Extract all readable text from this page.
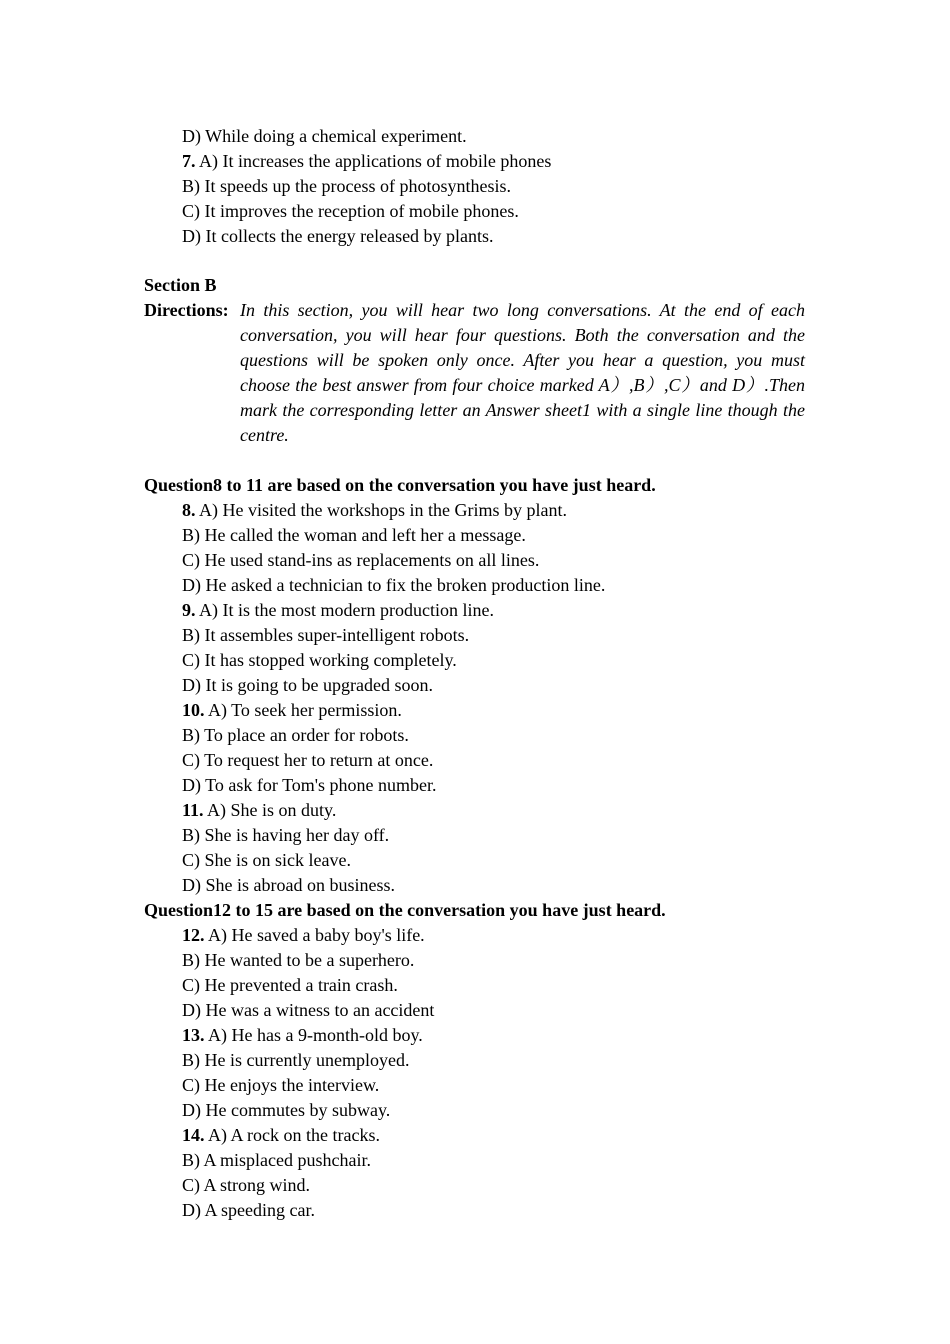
D) While doing a chemical experiment.
7. A) It increases the applications of mobile phones
B) It speeds up the process of photosynthesis.
C) It improves the reception of mobile phones.
D) It collects the energy released by plants.
Section B
Directions: In this section, you will hear two long conversations. At the end of each conversation, you will hear four questions. Both the conversation and the questions will be spoken only once. After you hear a question, you must choose the best answer from four choice marked A）,B）,C）and D）.Then mark the corresponding letter an Answer sheet1 with a single line though the centre.
Question8 to 11 are based on the conversation you have just heard.
8. A) He visited the workshops in the Grims by plant.
B) He called the woman and left her a message.
C) He used stand-ins as replacements on all lines.
D) He asked a technician to fix the broken production line.
9. A) It is the most modern production line.
B) It assembles super-intelligent robots.
C) It has stopped working completely.
D) It is going to be upgraded soon.
10. A) To seek her permission.
B) To place an order for robots.
C) To request her to return at once.
D) To ask for Tom's phone number.
11. A) She is on duty.
B) She is having her day off.
C) She is on sick leave.
D) She is abroad on business.
Question12 to 15 are based on the conversation you have just heard.
12. A) He saved a baby boy's life.
B) He wanted to be a superhero.
C) He prevented a train crash.
D) He was a witness to an accident
13. A) He has a 9-month-old boy.
B) He is currently unemployed.
C) He enjoys the interview.
D) He commutes by subway.
14. A) A rock on the tracks.
B) A misplaced pushchair.
C) A strong wind.
D) A speeding car.
